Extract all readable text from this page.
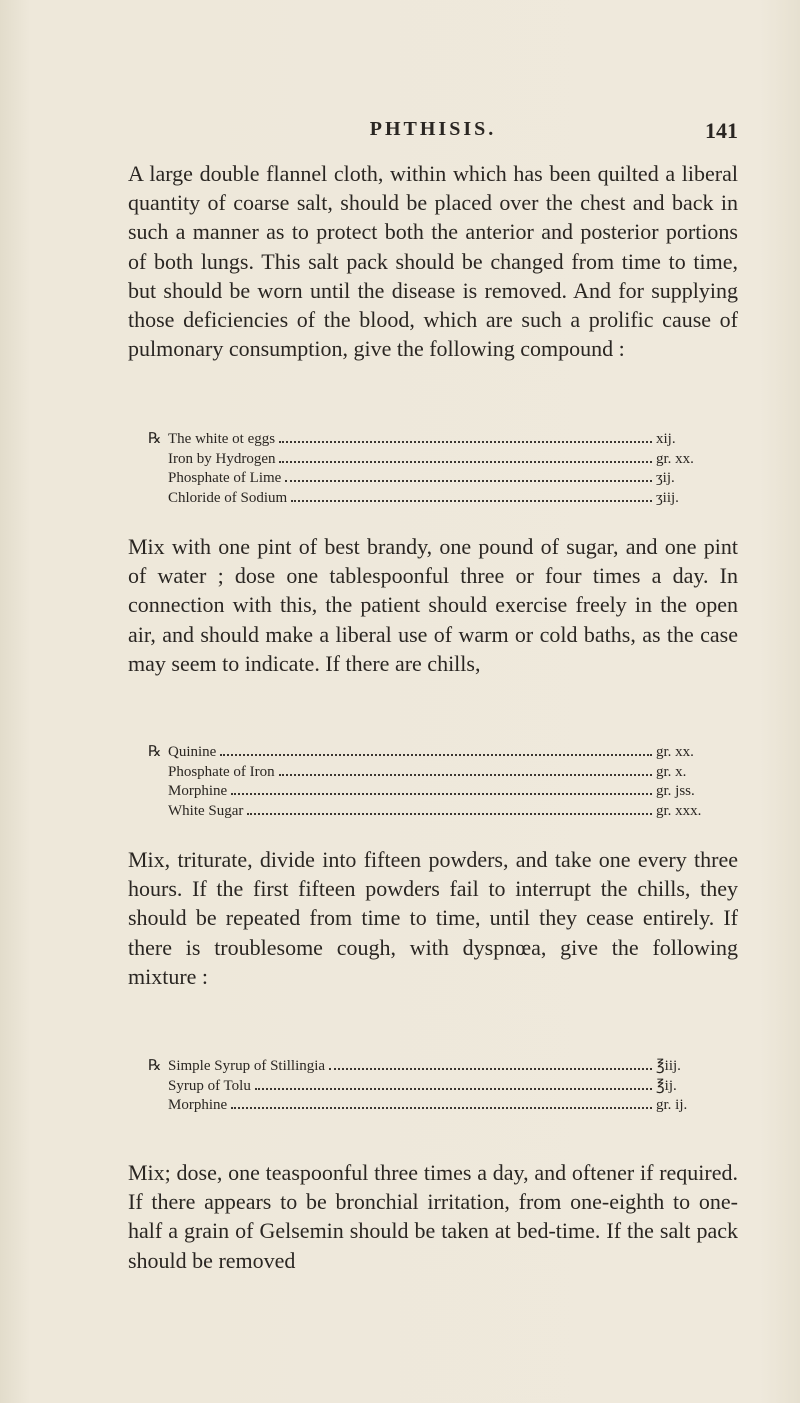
PHTHISIS.	141
A large double flannel cloth, within which has been quilted a liberal quantity of coarse salt, should be placed over the chest and back in such a manner as to protect both the anterior and posterior portions of both lungs. This salt pack should be changed from time to time, but should be worn until the disease is removed. And for supplying those deficiencies of the blood, which are such a prolific cause of pulmonary consumption, give the following compound :
℞ The white ot eggs	xij.
Iron by Hydrogen	gr. xx.
Phosphate of Lime	ʒij.
Chloride of Sodium	ʒiij.
Mix with one pint of best brandy, one pound of sugar, and one pint of water ; dose one tablespoonful three or four times a day. In connection with this, the patient should exercise freely in the open air, and should make a liberal use of warm or cold baths, as the case may seem to indicate. If there are chills,
℞ Quinine	gr. xx.
Phosphate of Iron	gr. x.
Morphine	gr. jss.
White Sugar	gr. xxx.
Mix, triturate, divide into fifteen powders, and take one every three hours. If the first fifteen powders fail to interrupt the chills, they should be repeated from time to time, until they cease entirely. If there is troublesome cough, with dyspnœa, give the following mixture :
℞ Simple Syrup of Stillingia	℥iij.
Syrup of Tolu	℥ij.
Morphine	gr. ij.
Mix; dose, one teaspoonful three times a day, and oftener if required. If there appears to be bronchial irritation, from one-eighth to one-half a grain of Gelsemin should be taken at bed-time. If the salt pack should be removed
